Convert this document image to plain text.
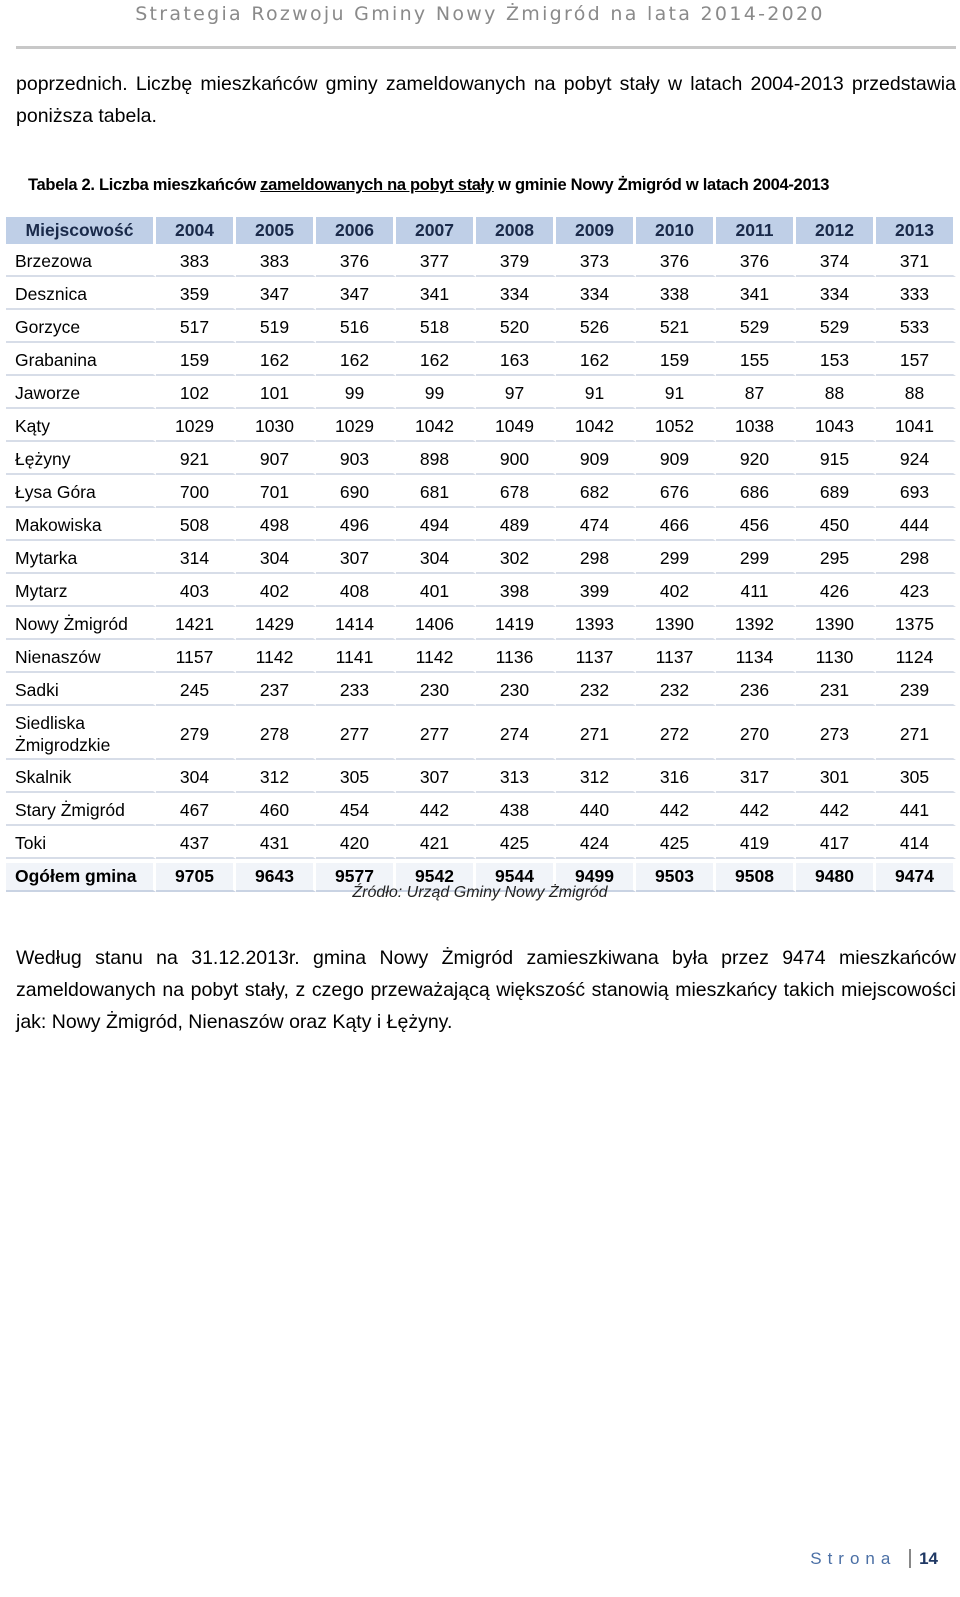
Strategia Rozwoju Gminy Nowy Żmigród na lata 2014-2020
poprzednich. Liczbę mieszkańców gminy zameldowanych na pobyt stały w latach 2004-2013 przedstawia poniższa tabela.
Tabela 2. Liczba mieszkańców zameldowanych na pobyt stały w gminie Nowy Żmigród w latach 2004-2013
Miejscowość	2004	2005	2006	2007	2008	2009	2010	2011	2012	2013
Brzezowa	383	383	376	377	379	373	376	376	374	371
Desznica	359	347	347	341	334	334	338	341	334	333
Gorzyce	517	519	516	518	520	526	521	529	529	533
Grabanina	159	162	162	162	163	162	159	155	153	157
Jaworze	102	101	99	99	97	91	91	87	88	88
Kąty	1029	1030	1029	1042	1049	1042	1052	1038	1043	1041
Łężyny	921	907	903	898	900	909	909	920	915	924
Łysa Góra	700	701	690	681	678	682	676	686	689	693
Makowiska	508	498	496	494	489	474	466	456	450	444
Mytarka	314	304	307	304	302	298	299	299	295	298
Mytarz	403	402	408	401	398	399	402	411	426	423
Nowy Żmigród	1421	1429	1414	1406	1419	1393	1390	1392	1390	1375
Nienaszów	1157	1142	1141	1142	1136	1137	1137	1134	1130	1124
Sadki	245	237	233	230	230	232	232	236	231	239
Siedliska Żmigrodzkie	279	278	277	277	274	271	272	270	273	271
Skalnik	304	312	305	307	313	312	316	317	301	305
Stary Żmigród	467	460	454	442	438	440	442	442	442	441
Toki	437	431	420	421	425	424	425	419	417	414
Ogółem gmina	9705	9643	9577	9542	9544	9499	9503	9508	9480	9474
Źródło: Urząd Gminy Nowy Żmigród
Według stanu na 31.12.2013r. gmina Nowy Żmigród zamieszkiwana była przez 9474 mieszkańców zameldowanych na pobyt stały, z czego przeważającą większość stanowią mieszkańcy takich miejscowości jak: Nowy Żmigród, Nienaszów oraz Kąty i Łężyny.
Strona 14
